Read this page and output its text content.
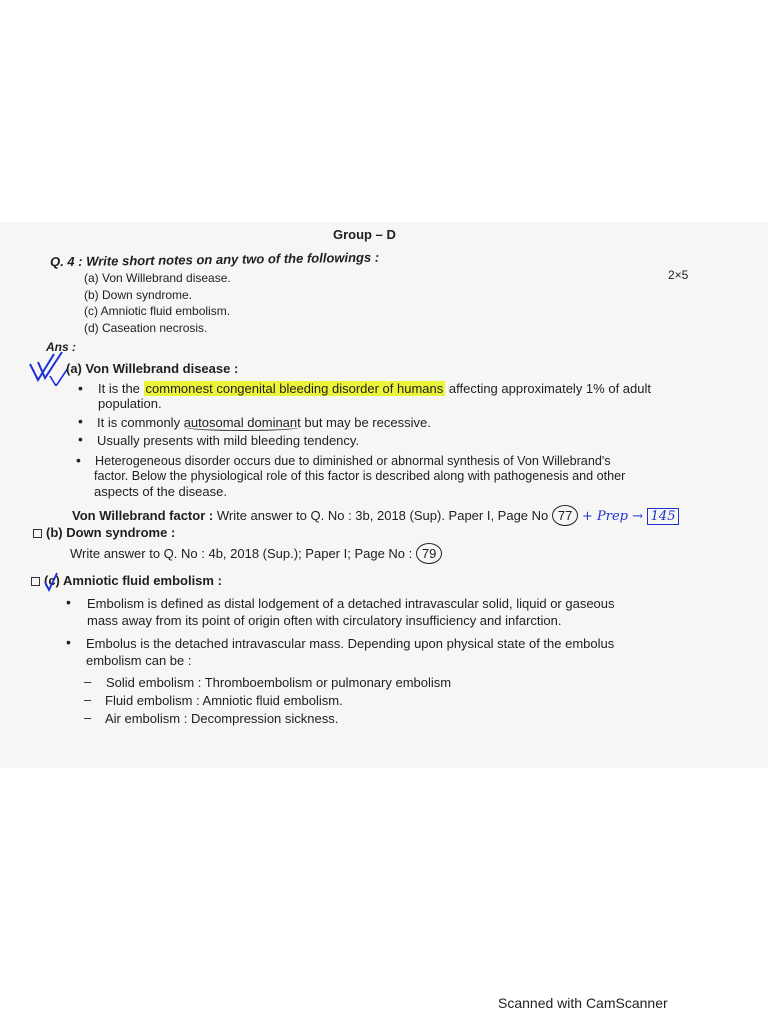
Group – D
Q. 4 : Write short notes on any two of the followings :
2×5
(a) Von Willebrand disease.
(b) Down syndrome.
(c) Amniotic fluid embolism.
(d) Caseation necrosis.
Ans :
(a) Von Willebrand disease :
• It is the commonest congenital bleeding disorder of humans affecting approximately 1% of adult
population.
• It is commonly autosomal dominant but may be recessive.
• Usually presents with mild bleeding tendency.
• Heterogeneous disorder occurs due to diminished or abnormal synthesis of Von Willebrand's
factor. Below the physiological role of this factor is described along with pathogenesis and other
aspects of the disease.
Von Willebrand factor : Write answer to Q. No : 3b, 2018 (Sup). Paper I, Page No 77 + Prep → 145
(b) Down syndrome :
Write answer to Q. No : 4b, 2018 (Sup.); Paper I; Page No : 79
(c) Amniotic fluid embolism :
• Embolism is defined as distal lodgement of a detached intravascular solid, liquid or gaseous
mass away from its point of origin often with circulatory insufficiency and infarction.
• Embolus is the detached intravascular mass. Depending upon physical state of the embolus
embolism can be :
– Solid embolism : Thromboembolism or pulmonary embolism
– Fluid embolism : Amniotic fluid embolism.
– Air embolism : Decompression sickness.
Scanned with CamScanner
